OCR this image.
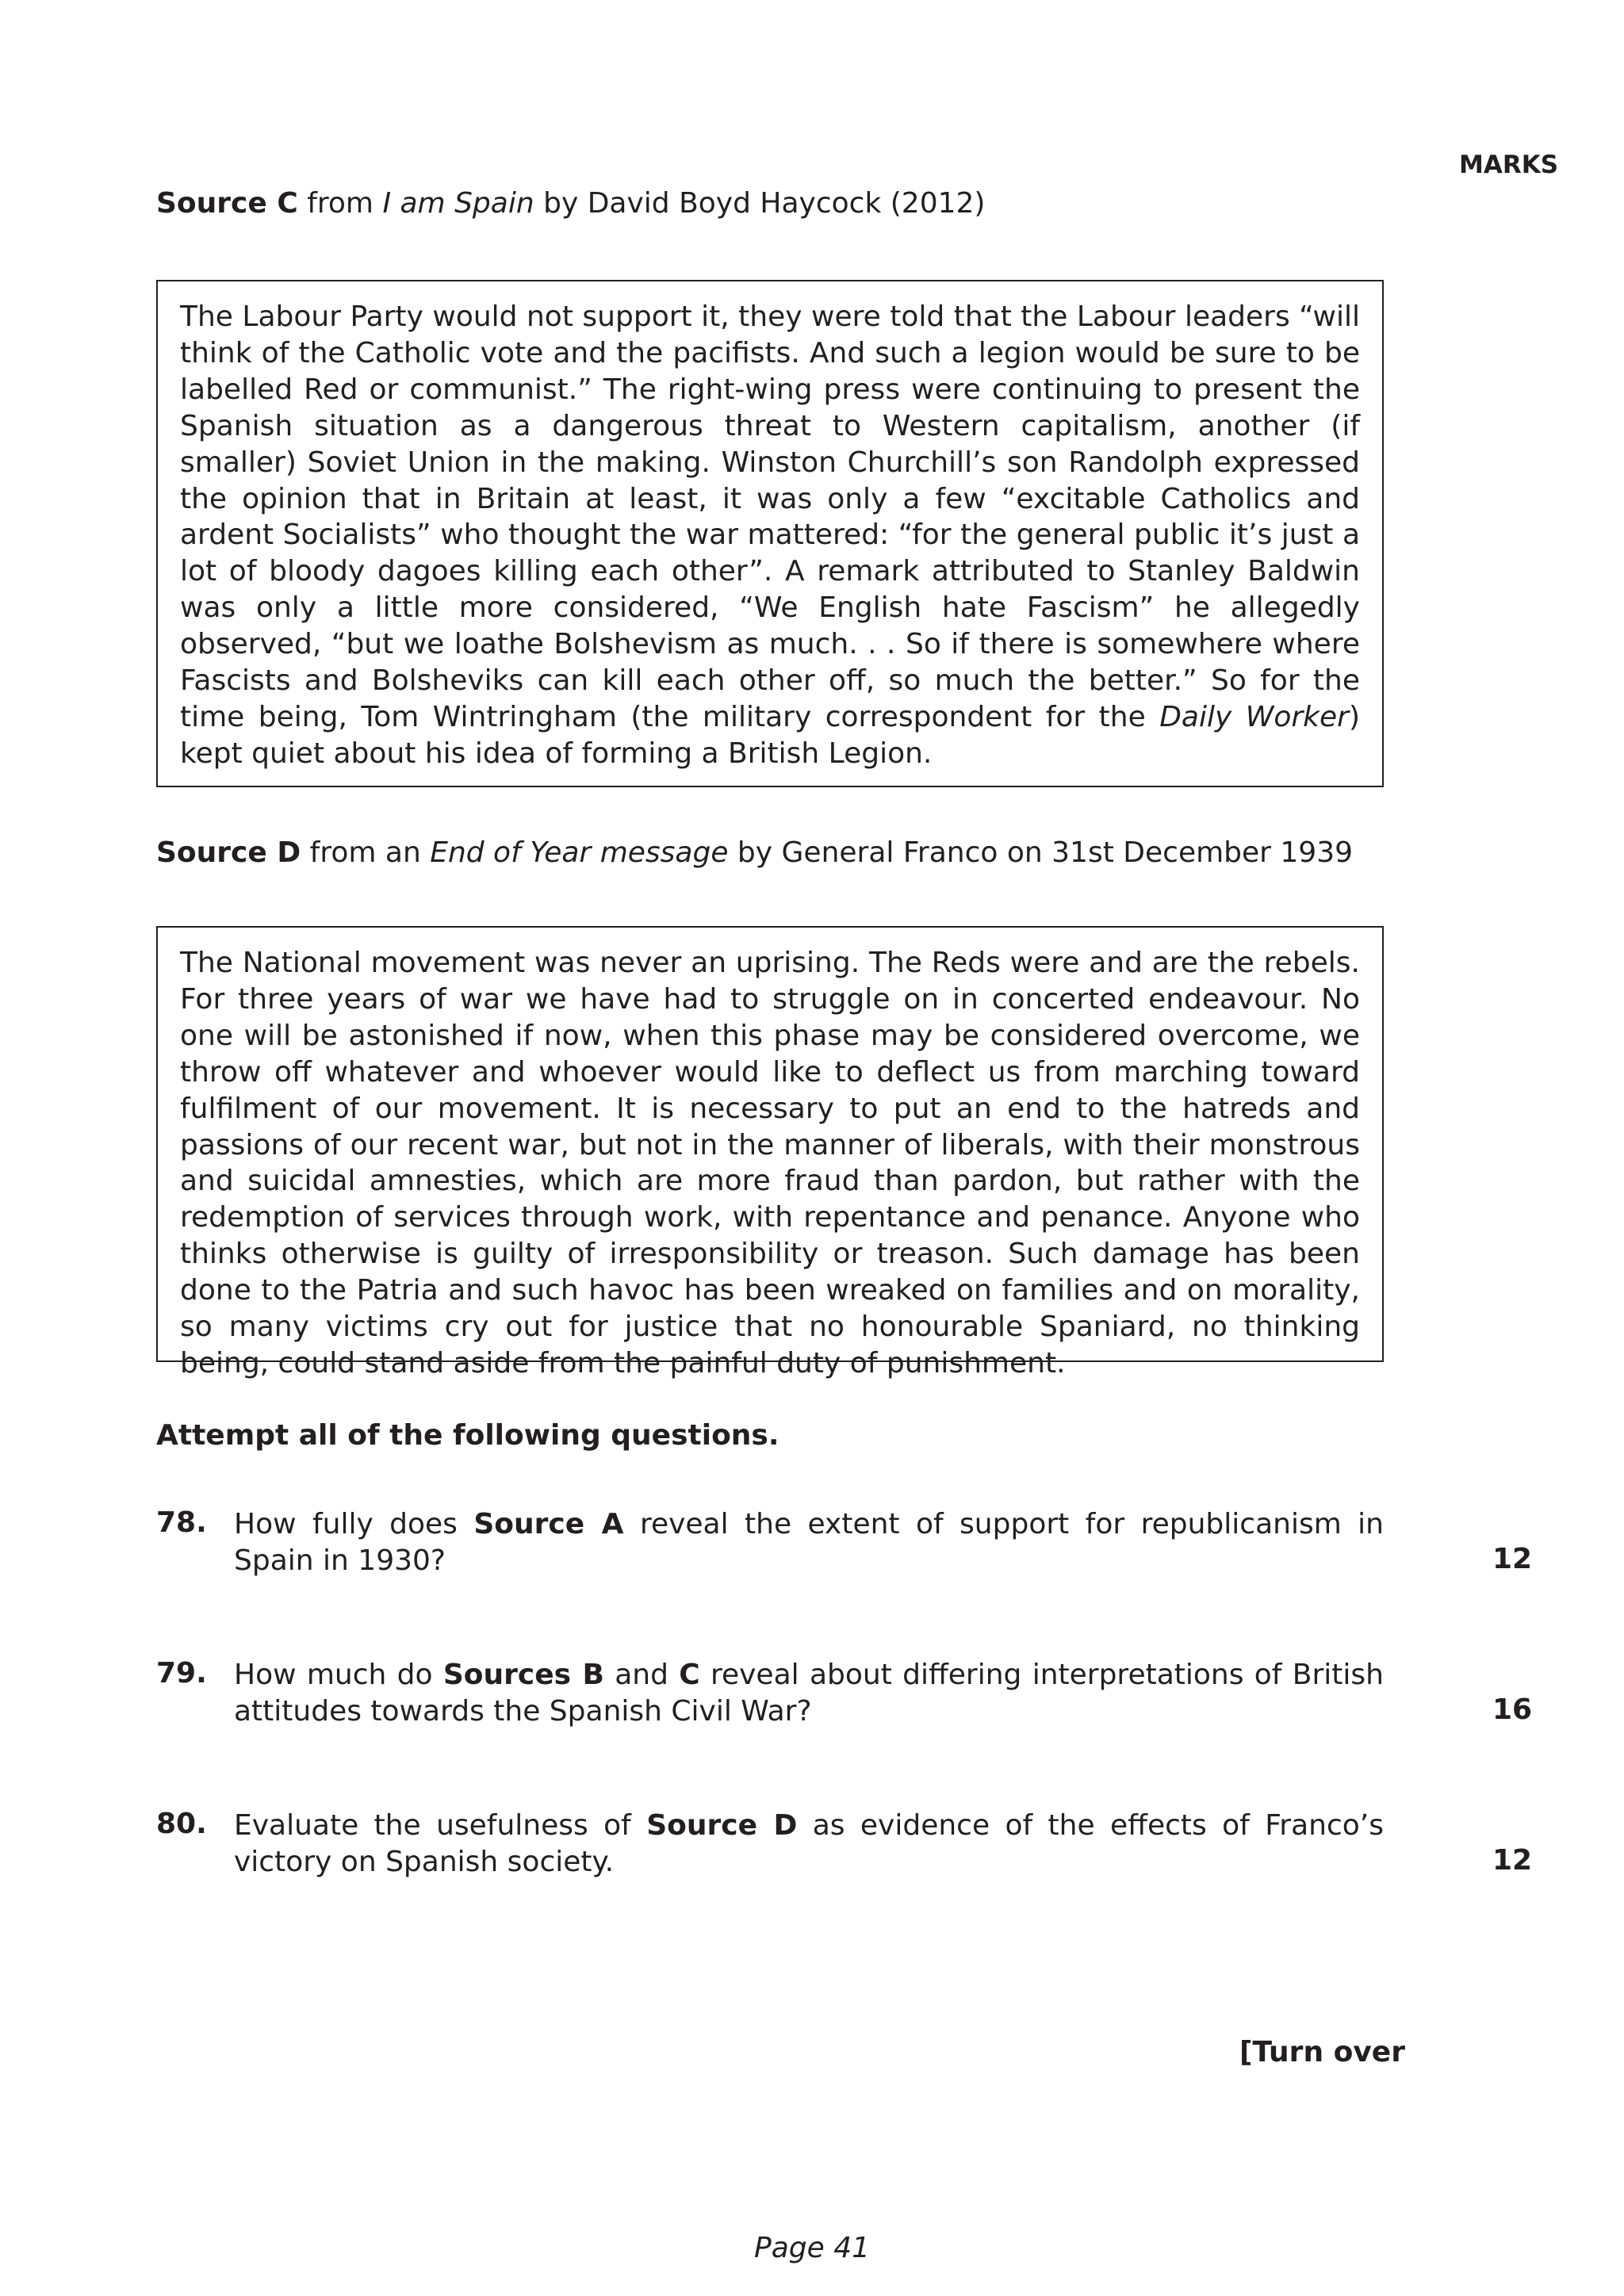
MARKS
Source C from I am Spain by David Boyd Haycock (2012)

The Labour Party would not support it, they were told that the Labour leaders “will think of the Catholic vote and the pacifists. And such a legion would be sure to be labelled Red or communist.” The right-wing press were continuing to present the Spanish situation as a dangerous threat to Western capitalism, another (if smaller) Soviet Union in the making. Winston Churchill’s son Randolph expressed the opinion that in Britain at least, it was only a few “excitable Catholics and ardent Socialists” who thought the war mattered: “for the general public it’s just a lot of bloody dagoes killing each other”. A remark attributed to Stanley Baldwin was only a little more considered, “We English hate Fascism” he allegedly observed, “but we loathe Bolshevism as much. . . So if there is somewhere where Fascists and Bolsheviks can kill each other off, so much the better.” So for the time being, Tom Wintringham (the military correspondent for the Daily Worker) kept quiet about his idea of forming a British Legion.

Source D from an End of Year message by General Franco on 31st December 1939

The National movement was never an uprising. The Reds were and are the rebels. For three years of war we have had to struggle on in concerted endeavour. No one will be astonished if now, when this phase may be considered overcome, we throw off whatever and whoever would like to deflect us from marching toward fulfilment of our movement. It is necessary to put an end to the hatreds and passions of our recent war, but not in the manner of liberals, with their monstrous and suicidal amnesties, which are more fraud than pardon, but rather with the redemption of services through work, with repentance and penance. Anyone who thinks otherwise is guilty of irresponsibility or treason. Such damage has been done to the Patria and such havoc has been wreaked on families and on morality, so many victims cry out for justice that no honourable Spaniard, no thinking being, could stand aside from the painful duty of punishment.

Attempt all of the following questions.
78. How fully does Source A reveal the extent of support for republicanism in Spain in 1930?	12
79. How much do Sources B and C reveal about differing interpretations of British attitudes towards the Spanish Civil War?	16
80. Evaluate the usefulness of Source D as evidence of the effects of Franco’s victory on Spanish society.	12
[Turn over
Page 41
